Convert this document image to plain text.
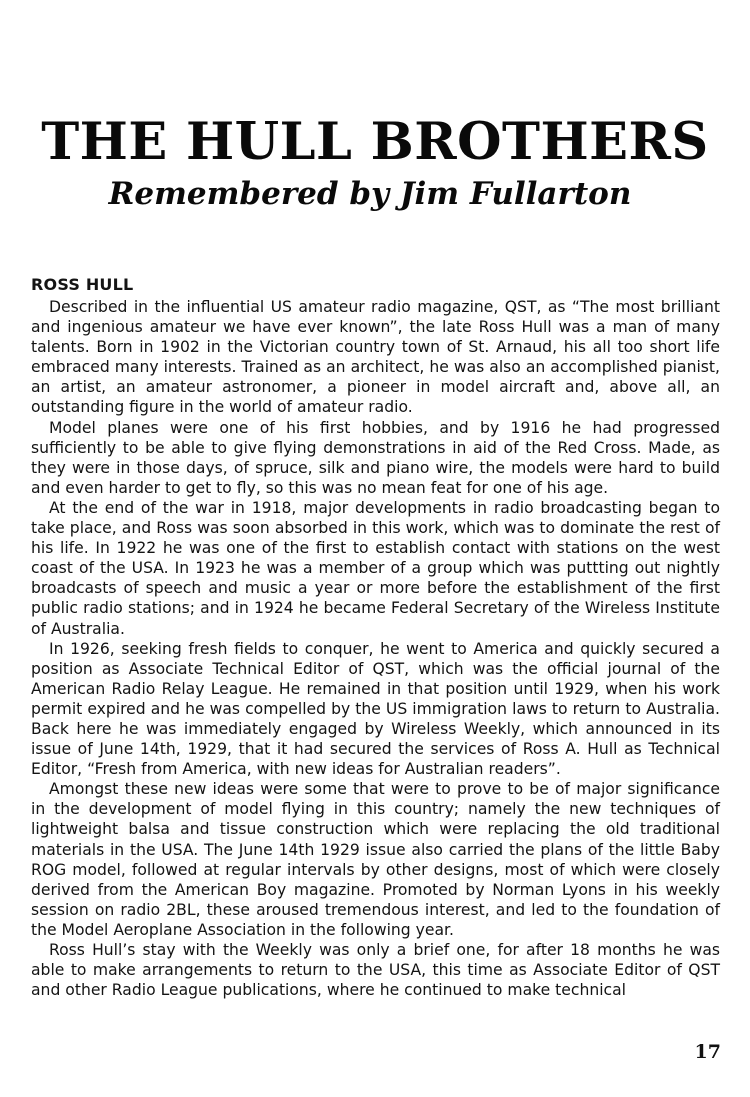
THE HULL BROTHERS
Remembered by Jim Fullarton
ROSS HULL

Described in the influential US amateur radio magazine, QST, as “The most brilliant and ingenious amateur we have ever known”, the late Ross Hull was a man of many talents. Born in 1902 in the Victorian country town of St. Arnaud, his all too short life embraced many interests. Trained as an architect, he was also an accomplished pianist, an artist, an amateur astronomer, a pioneer in model aircraft and, above all, an outstanding figure in the world of amateur radio.

Model planes were one of his first hobbies, and by 1916 he had progressed sufficiently to be able to give flying demonstrations in aid of the Red Cross. Made, as they were in those days, of spruce, silk and piano wire, the models were hard to build and even harder to get to fly, so this was no mean feat for one of his age.

At the end of the war in 1918, major developments in radio broadcasting began to take place, and Ross was soon absorbed in this work, which was to dominate the rest of his life. In 1922 he was one of the first to establish contact with stations on the west coast of the USA. In 1923 he was a member of a group which was puttting out nightly broadcasts of speech and music a year or more before the establishment of the first public radio stations; and in 1924 he became Federal Secretary of the Wireless Institute of Australia.

In 1926, seeking fresh fields to conquer, he went to America and quickly secured a position as Associate Technical Editor of QST, which was the official journal of the American Radio Relay League. He remained in that position until 1929, when his work permit expired and he was compelled by the US immigration laws to return to Australia. Back here he was immediately engaged by Wireless Weekly, which announced in its issue of June 14th, 1929, that it had secured the services of Ross A. Hull as Technical Editor, “Fresh from America, with new ideas for Australian readers”.

Amongst these new ideas were some that were to prove to be of major significance in the development of model flying in this country; namely the new techniques of lightweight balsa and tissue construction which were replacing the old traditional materials in the USA. The June 14th 1929 issue also carried the plans of the little Baby ROG model, followed at regular intervals by other designs, most of which were closely derived from the American Boy magazine. Promoted by Norman Lyons in his weekly session on radio 2BL, these aroused tremendous interest, and led to the foundation of the Model Aeroplane Association in the following year.

Ross Hull’s stay with the Weekly was only a brief one, for after 18 months he was able to make arrangements to return to the USA, this time as Associate Editor of QST and other Radio League publications, where he continued to make technical

17
